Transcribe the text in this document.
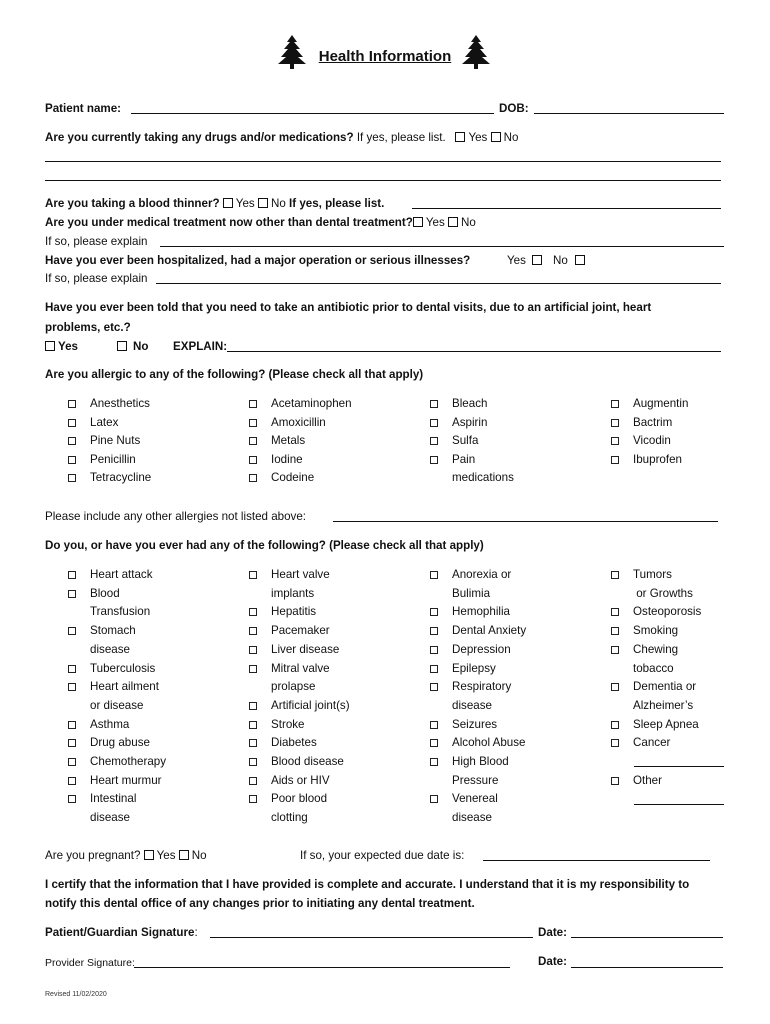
Health Information
Patient name:	DOB:
Are you currently taking any drugs and/or medications? If yes, please list. Yes No
Are you taking a blood thinner? Yes No If yes, please list.
Are you under medical treatment now other than dental treatment? Yes No
If so, please explain
Have you ever been hospitalized, had a major operation or serious illnesses?	Yes	No
If so, please explain
Have you ever been told that you need to take an antibiotic prior to dental visits, due to an artificial joint, heart
problems, etc.?
Yes	No EXPLAIN:
Are you allergic to any of the following? (Please check all that apply)
Anesthetics
Latex
Pine Nuts
Penicillin
Tetracycline
Acetaminophen
Amoxicillin
Metals
Iodine
Codeine
Bleach
Aspirin
Sulfa
Pain
Augmentin
Bactrim
Vicodin
Ibuprofen
medications
Please include any other allergies not listed above:
Do you, or have you ever had any of the following? (Please check all that apply)
Heart attack
Blood
Transfusion
Stomach
disease
Tuberculosis
Heart ailment
or disease
Asthma
Drug abuse
Chemotherapy
Heart murmur
Intestinal
disease
Heart valve
implants
Hepatitis
Pacemaker
Liver disease
Mitral valve
prolapse
Artificial joint(s)
Stroke
Diabetes
Blood disease
Aids or HIV
Poor blood
clotting
Anorexia or
Bulimia
Hemophilia
Dental Anxiety
Depression
Epilepsy
Respiratory
disease
Seizures
Alcohol Abuse
High Blood
Pressure
Venereal
disease
Tumors
or Growths
Osteoporosis
Smoking
Chewing
tobacco
Dementia or
Alzheimer’s
Sleep Apnea
Cancer
Other
Are you pregnant? Yes No	If so, your expected due date is:
I certify that the information that I have provided is complete and accurate. I understand that it is my responsibility to
notify this dental office of any changes prior to initiating any dental treatment.
Patient/Guardian Signature:	Date:
Provider Signature:	Date:
Revised 11/02/2020
